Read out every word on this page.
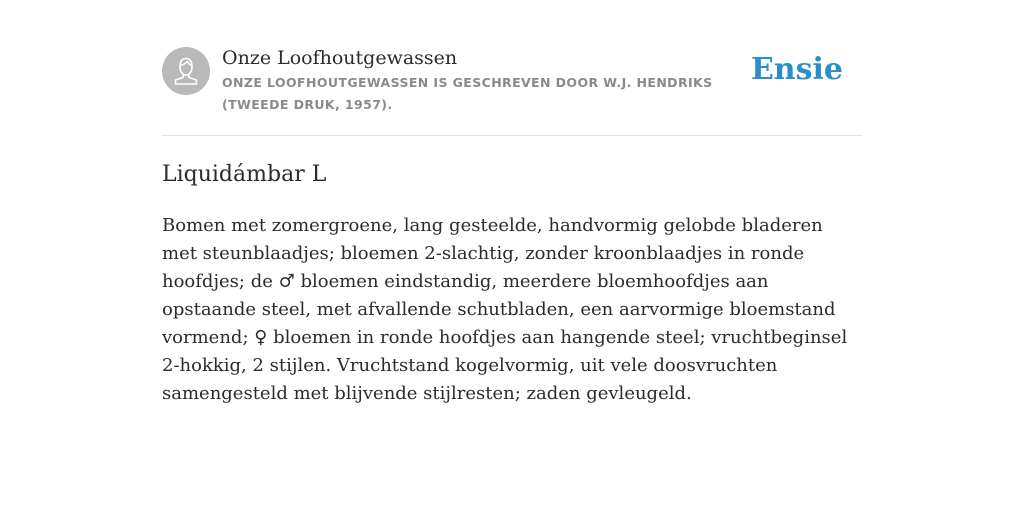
Onze Loofhoutgewassen

ONZE LOOFHOUTGEWASSEN IS GESCHREVEN DOOR W.J. HENDRIKS (TWEEDE DRUK, 1957).

Ensie
Liquidámbar L

Bomen met zomergroene, lang gesteelde, handvormig gelobde bladeren met steunblaadjes; bloemen 2-slachtig, zonder kroonblaadjes in ronde hoofdjes; de ♂ bloemen eindstandig, meerdere bloemhoofdjes aan opstaande steel, met afvallende schutbladen, een aarvormige bloemstand vormend; ♀ bloemen in ronde hoofdjes aan hangende steel; vruchtbeginsel 2-hokkig, 2 stijlen. Vruchtstand kogelvormig, uit vele doosvruchten samengesteld met blijvende stijlresten; zaden gevleugeld.
